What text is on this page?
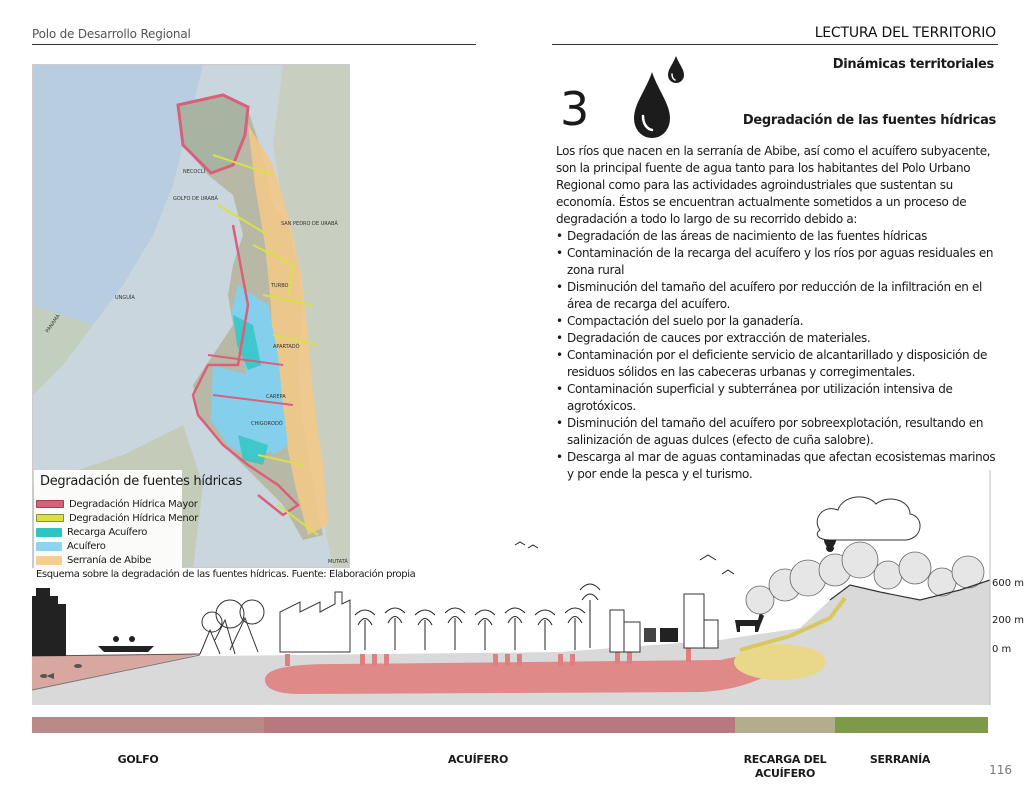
Polo de Desarrollo Regional	LECTURA DEL TERRITORIO
Dinámicas territoriales
3	Degradación de las fuentes hídricas

Los ríos que nacen en la serranía de Abibe, así como el acuífero subyacente, son la principal fuente de agua tanto para los habitantes del Polo Urbano Regional como para las actividades agroindustriales que sustentan su economía. Éstos se encuentran actualmente sometidos a un proceso de degradación a todo lo largo de su recorrido debido a:

• Degradación de las áreas de nacimiento de las fuentes hídricas
• Contaminación de la recarga del acuífero y los ríos por aguas residuales en zona rural
• Disminución del tamaño del acuífero por reducción de la infiltración en el área de recarga del acuífero.
• Compactación del suelo por la ganadería.
• Degradación de cauces por extracción de materiales.
• Contaminación por el deficiente servicio de alcantarillado y disposición de residuos sólidos en las cabeceras urbanas y corregimentales.
• Contaminación superficial y subterránea por utilización intensiva de agrotóxicos.
• Disminución del tamaño del acuífero por sobreexplotación, resultando en salinización de aguas dulces (efecto de cuña salobre).
• Descarga al mar de aguas contaminadas que afectan ecosistemas marinos y por ende la pesca y el turismo.
NECOCLÍ
TURBO
APARTADÓ
CAREPA
CHIGORODÓ
SAN PEDRO DE URABÁ
GOLFO DE URABÁ
PANAMÁ
UNGUÍA
MUTATÁ
Degradación de fuentes hídricas
Degradación Hídrica Mayor
Degradación Hídrica Menor
Recarga Acuífero
Acuífero
Serranía de Abibe
Esquema sobre la degradación de las fuentes hídricas. Fuente: Elaboración propia
600 m
200 m
0 m
GOLFO	ACUÍFERO	RECARGA DEL ACUÍFERO
SERRANÍA
116
